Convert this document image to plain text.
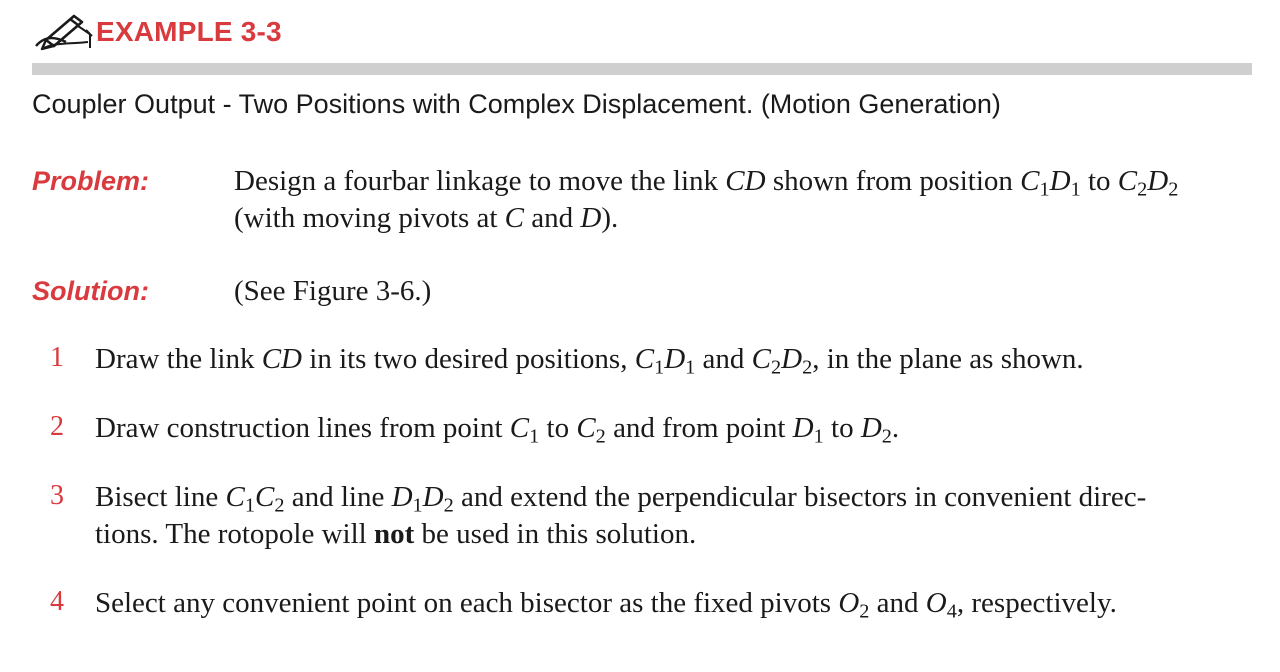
EXAMPLE 3-3
Coupler Output - Two Positions with Complex Displacement. (Motion Generation)
Problem:	Design a fourbar linkage to move the link CD shown from position $C_1D_1$ to $C_2D_2$
(with moving pivots at C and D).
Solution:	(See Figure 3-6.)
1 Draw the link CD in its two desired positions, $C_1D_1$ and $C_2D_2$, in the plane as shown.
2 Draw construction lines from point $C_1$ to $C_2$ and from point $D_1$ to $D_2$.
3 Bisect line $C_1C_2$ and line $D_1D_2$ and extend the perpendicular bisectors in convenient direc-
tions. The rotopole will not be used in this solution.
4 Select any convenient point on each bisector as the fixed pivots $O_2$ and $O_4$, respectively.
